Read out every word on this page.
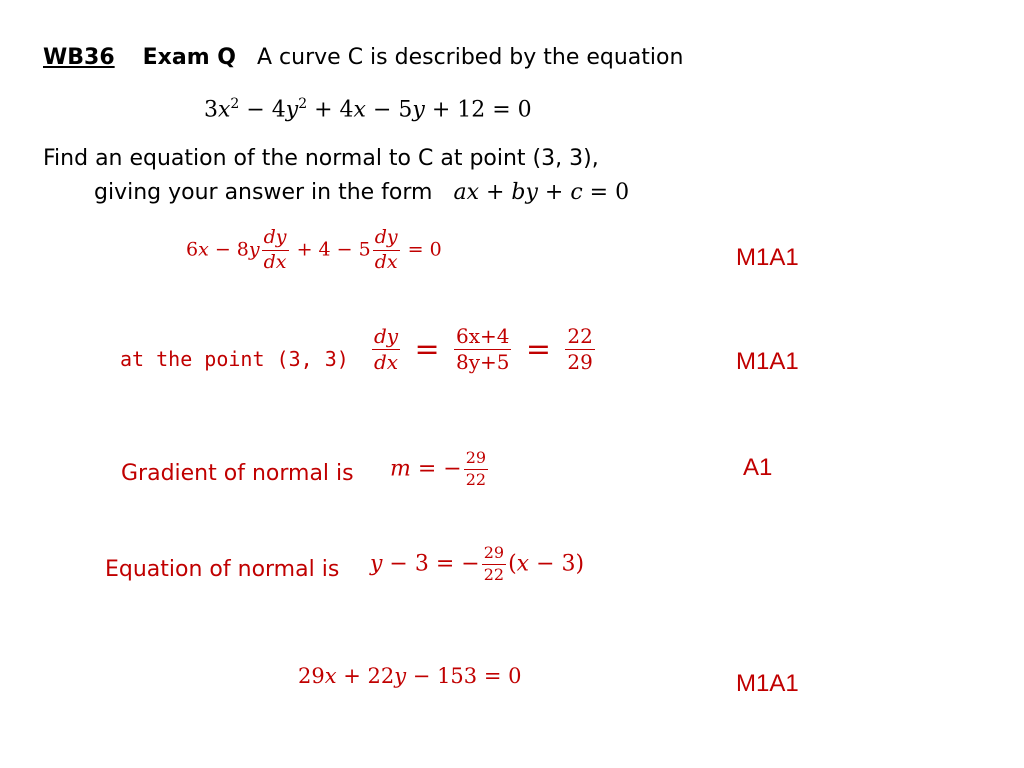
WB36 Exam Q A curve C is described by the equation
$3x^2 - 4y^2 + 4x - 5y + 12 = 0$
Find an equation of the normal to C at point (3, 3),
giving your answer in the form ax + by + c = 0
$6x - 8y \frac{dy}{dx} + 4 - 5 \frac{dy}{dx} = 0$	M1A1
at the point (3, $3) \frac{dy}{dx} = \frac{6x+4}{8y+5} = \frac{22}{29}$	M1A1
Gradient of normal is m = − $\frac{29}{22}$	A1
Equation of normal is y − 3 = − $\frac{29}{22} (x - 3)$
29x + 22y − 153 = 0	M1A1
